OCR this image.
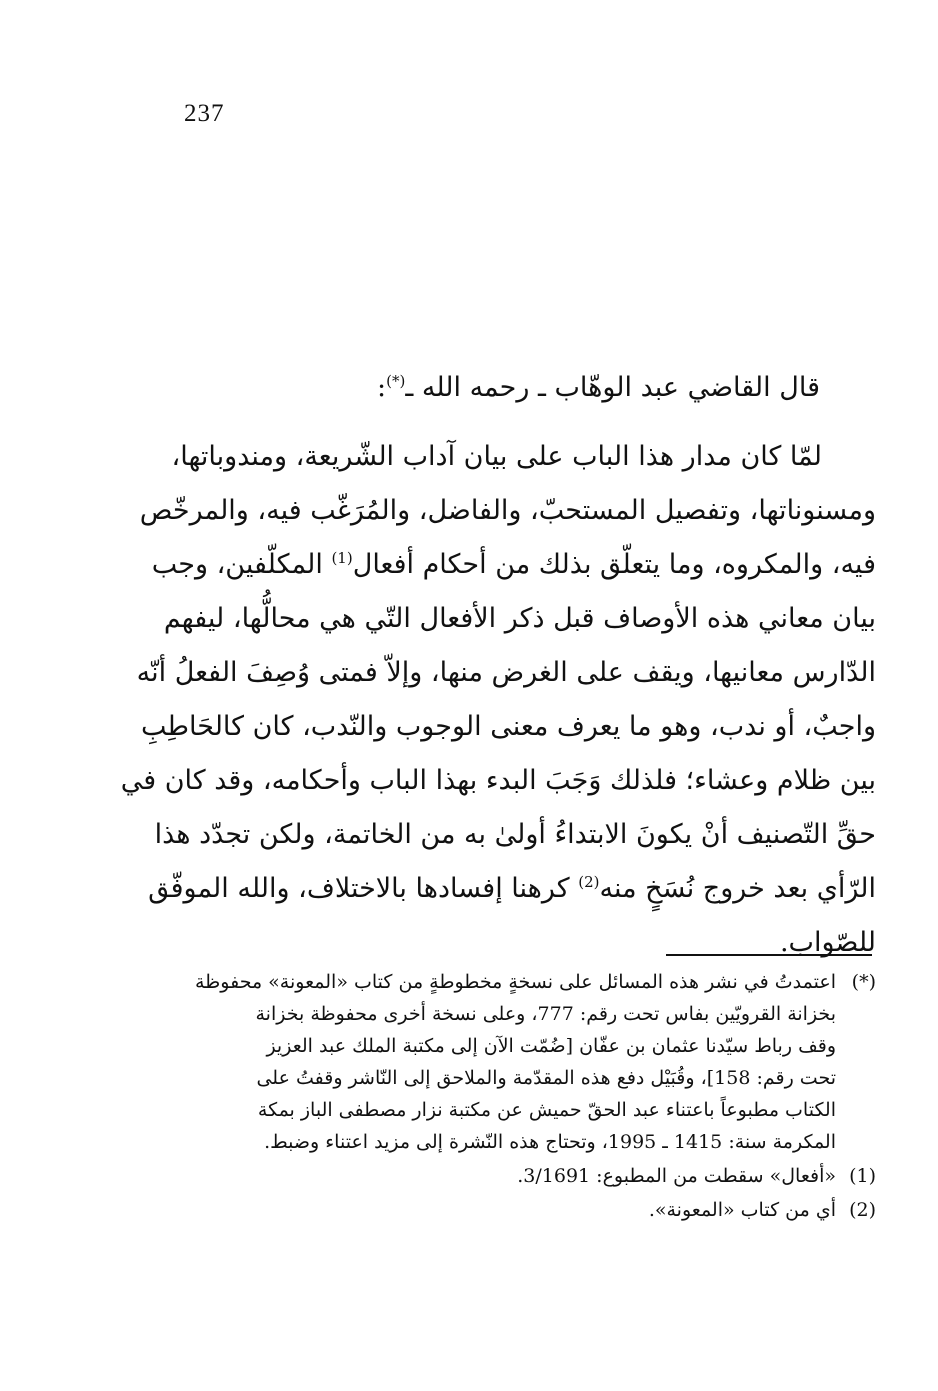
237
قال القاضي عبد الوهّاب ـ رحمه الله ـ(*):
لمّا كان مدار هذا الباب على بيان آداب الشّريعة، ومندوباتها،
ومسنوناتها، وتفصيل المستحبّ، والفاضل، والمُرَغّب فيه، والمرخّص
فيه، والمكروه، وما يتعلّق بذلك من أحكام أفعال$^{(1)}$ المكلّفين، وجب
بيان معاني هذه الأوصاف قبل ذكر الأفعال التّي هي محالُّها، ليفهم
الدّارس معانيها، ويقف على الغرض منها، وإلاّ فمتى وُصِفَ الفعلُ أنّه
واجبٌ، أو ندب، وهو ما يعرف معنى الوجوب والنّدب، كان كالحَاطِبِ
بين ظلام وعشاء؛ فلذلك وَجَبَ البدء بهذا الباب وأحكامه، وقد كان في
حقِّ التّصنيف أنْ يكونَ الابتداءُ أولىٰ به من الخاتمة، ولكن تجدّد هذا
الرّأي بعد خروج نُسَخٍ منه$^{(2)}$ كرهنا إفسادها بالاختلاف، والله الموفّق
للصّواب.
(*)
اعتمدتُ في نشر هذه المسائل على نسخةٍ مخطوطةٍ من كتاب «المعونة» محفوظة
بخزانة القرويّين بفاس تحت رقم: 777، وعلى نسخة أخرى محفوظة بخزانة
وقف رباط سيّدنا عثمان بن عفّان [ضُمّت الآن إلى مكتبة الملك عبد العزيز
تحت رقم: 158]، وقُبَيْل دفع هذه المقدّمة والملاحق إلى النّاشر وقفتُ على
الكتاب مطبوعاً باعتناء عبد الحقّ حميش عن مكتبة نزار مصطفى الباز بمكة
المكرمة سنة: 1415 ـ 1995، وتحتاج هذه النّشرة إلى مزيد اعتناء وضبط.
(1)
«أفعال» سقطت من المطبوع: 3/1691.
(2)
أي من كتاب «المعونة».
